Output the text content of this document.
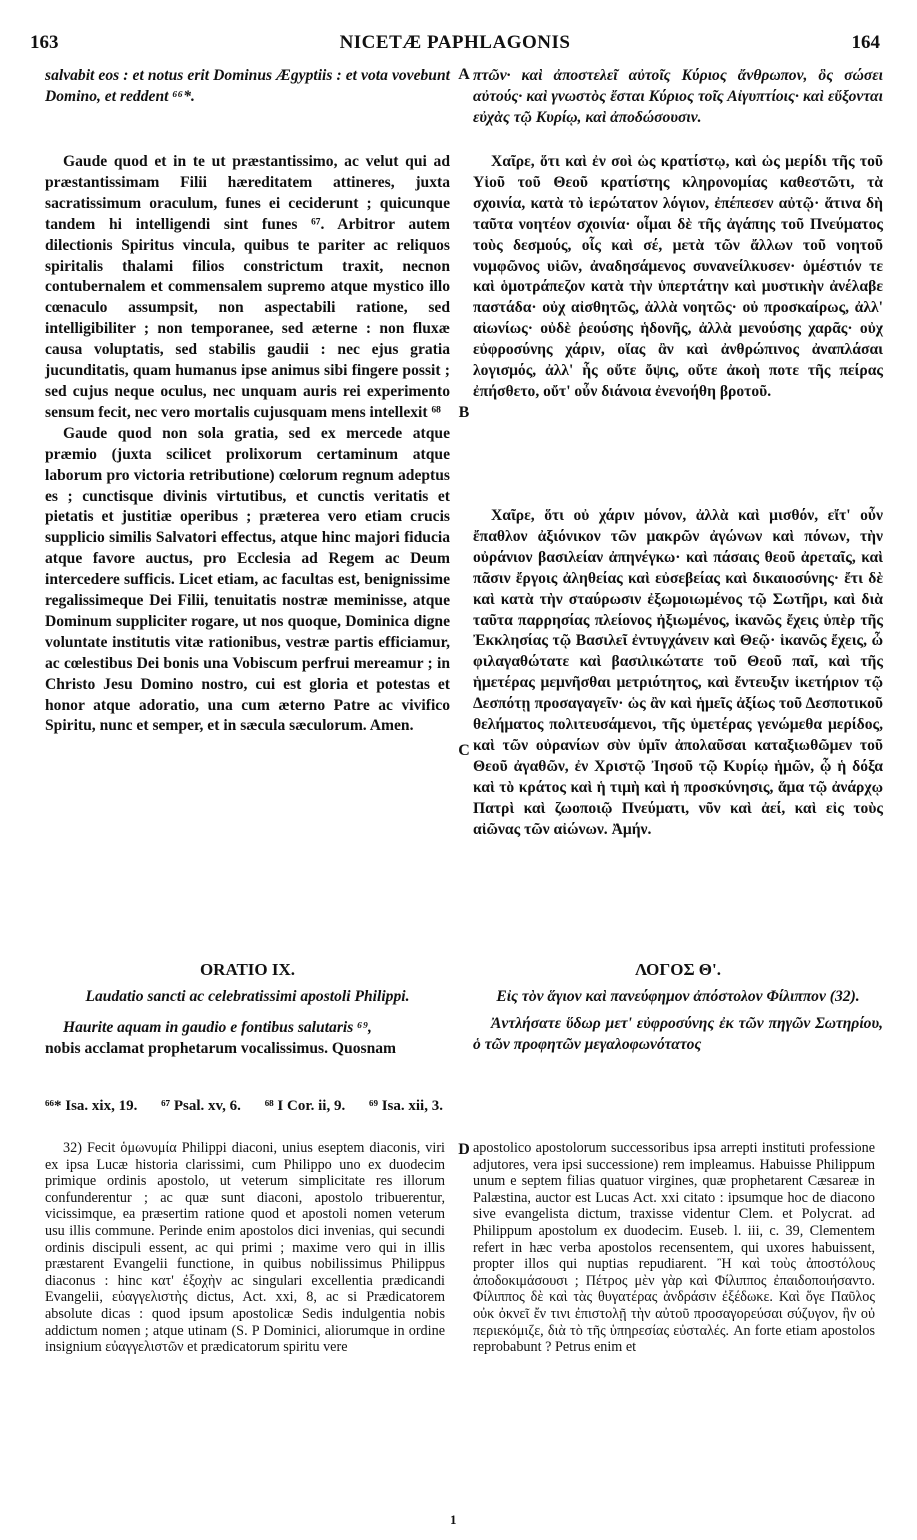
163	NICETÆ PAPHLAGONIS	164
A
B
C
D

salvabit eos : et notus erit Dominus Ægyptiis : et vota vovebunt Domino, et reddent ⁶⁶*.

Gaude quod et in te ut præstantissimo, ac velut qui ad præstantissimam Filii hæreditatem attineres, juxta sacratissimum oraculum, funes ei ceciderunt ; quicunque tandem hi intelligendi sint funes ⁶⁷. Arbitror autem dilectionis Spiritus vincula, quibus te pariter ac reliquos spiritalis thalami filios constrictum traxit, necnon contubernalem et commensalem supremo atque mystico illo cœnaculo assumpsit, non aspectabili ratione, sed intelligibiliter ; non temporanee, sed æterne : non fluxæ causa voluptatis, sed stabilis gaudii : nec ejus gratia jucunditatis, quam humanus ipse animus sibi fingere possit ; sed cujus neque oculus, nec unquam auris rei experimento sensum fecit, nec vero mortalis cujusquam mens intellexit ⁶⁸

Gaude quod non sola gratia, sed ex mercede atque præmio (juxta scilicet prolixorum certaminum atque laborum pro victoria retributione) cœlorum regnum adeptus es ; cunctisque divinis virtutibus, et cunctis veritatis et pietatis et justitiæ operibus ; præterea vero etiam crucis supplicio similis Salvatori effectus, atque hinc majori fiducia atque favore auctus, pro Ecclesia ad Regem ac Deum intercedere sufficis. Licet etiam, ac facultas est, benignissime regalissimeque Dei Filii, tenuitatis nostræ meminisse, atque Dominum suppliciter rogare, ut nos quoque, Dominica digne voluntate institutis vitæ rationibus, vestræ partis efficiamur, ac cœlestibus Dei bonis una Vobiscum perfrui mereamur ; in Christo Jesu Domino nostro, cui est gloria et potestas et honor atque adoratio, una cum æterno Patre ac vivifico Spiritu, nunc et semper, et in sæcula sæculorum. Amen.

ORATIO IX.

Laudatio sancti ac celebratissimi apostoli Philippi.

Haurite aquam in gaudio e fontibus salutaris ⁶⁹,

nobis acclamat prophetarum vocalissimus. Quosnam

πτῶν· καὶ ἀποστελεῖ αὐτοῖς Κύριος ἄνθρωπον, ὃς σώσει αὐτούς· καὶ γνωστὸς ἔσται Κύριος τοῖς Αἰγυπτίοις· καὶ εὔξονται εὐχὰς τῷ Κυρίῳ, καὶ ἀποδώσουσιν.

Χαῖρε, ὅτι καὶ ἐν σοὶ ὡς κρατίστῳ, καὶ ὡς μερίδι τῆς τοῦ Υἱοῦ τοῦ Θεοῦ κρατίστης κληρονομίας καθεστῶτι, τὰ σχοινία, κατὰ τὸ ἱερώτατον λόγιον, ἐπέπεσεν αὐτῷ· ἅτινα δὴ ταῦτα νοητέον σχοινία· οἶμαι δὲ τῆς ἀγάπης τοῦ Πνεύματος τοὺς δεσμούς, οἷς καὶ σέ, μετὰ τῶν ἄλλων τοῦ νοητοῦ νυμφῶνος υἱῶν, ἀναδησάμενος συνανείλκυσεν· ὁμέστιόν τε καὶ ὁμοτράπεζον κατὰ τὴν ὑπερτάτην καὶ μυστικὴν ἀνέλαβε παστάδα· οὐχ αἰσθητῶς, ἀλλὰ νοητῶς· οὐ προσκαίρως, ἀλλ' αἰωνίως· οὐδὲ ῥεούσης ἡδονῆς, ἀλλὰ μενούσης χαρᾶς· οὐχ εὐφροσύνης χάριν, οἵας ἂν καὶ ἀνθρώπινος ἀναπλάσαι λογισμός, ἀλλ' ἧς οὔτε ὄψις, οὔτε ἀκοὴ ποτε τῆς πείρας ἐπήσθετο, οὔτ' οὖν διάνοια ἐνενοήθη βροτοῦ.

Χαῖρε, ὅτι οὐ χάριν μόνον, ἀλλὰ καὶ μισθόν, εἴτ' οὖν ἔπαθλον ἀξιόνικον τῶν μακρῶν ἀγώνων καὶ πόνων, τὴν οὐράνιον βασιλείαν ἀπηνέγκω· καὶ πάσαις θεοῦ ἀρεταῖς, καὶ πᾶσιν ἔργοις ἀληθείας καὶ εὐσεβείας καὶ δικαιοσύνης· ἔτι δὲ καὶ κατὰ τὴν σταύρωσιν ἐξωμοιωμένος τῷ Σωτῆρι, καὶ διὰ ταῦτα παρρησίας πλείονος ἠξιωμένος, ἱκανῶς ἔχεις ὑπὲρ τῆς Ἐκκλησίας τῷ Βασιλεῖ ἐντυγχάνειν καὶ Θεῷ· ἱκανῶς ἔχεις, ὦ φιλαγαθώτατε καὶ βασιλικώτατε τοῦ Θεοῦ παῖ, καὶ τῆς ἡμετέρας μεμνῆσθαι μετριότητος, καὶ ἔντευξιν ἱκετήριον τῷ Δεσπότῃ προσαγαγεῖν· ὡς ἂν καὶ ἡμεῖς ἀξίως τοῦ Δεσποτικοῦ θελήματος πολιτευσάμενοι, τῆς ὑμετέρας γενώμεθα μερίδος, καὶ τῶν οὐρανίων σὺν ὑμῖν ἀπολαῦσαι καταξιωθῶμεν τοῦ Θεοῦ ἀγαθῶν, ἐν Χριστῷ Ἰησοῦ τῷ Κυρίῳ ἡμῶν, ᾧ ἡ δόξα καὶ τὸ κράτος καὶ ἡ τιμὴ καὶ ἡ προσκύνησις, ἅμα τῷ ἀνάρχῳ Πατρὶ καὶ ζωοποιῷ Πνεύματι, νῦν καὶ ἀεί, καὶ εἰς τοὺς αἰῶνας τῶν αἰώνων. Ἀμήν.

ΛΟΓΟΣ Θ'.

Εἰς τὸν ἅγιον καὶ πανεύφημον ἀπόστολον Φίλιππον (32).

Ἀντλήσατε ὕδωρ μετ' εὐφροσύνης ἐκ τῶν πηγῶν Σωτηρίου, ὁ τῶν προφητῶν μεγαλοφωνότατος

⁶⁶* Isa. xix, 19. ⁶⁷ Psal. xv, 6. ⁶⁸ I Cor. ii, 9. ⁶⁹ Isa. xii, 3.

32) Fecit ὁμωνυμία Philippi diaconi, unius eseptem diaconis, viri ex ipsa Lucæ historia clarissimi, cum Philippo uno ex duodecim primique ordinis apostolo, ut veterum simplicitate res illorum confunderentur ; ac quæ sunt diaconi, apostolo tribuerentur, vicissimque, ea præsertim ratione quod et apostoli nomen veterum usu illis commune. Perinde enim apostolos dici invenias, qui secundi ordinis discipuli essent, ac qui primi ; maxime vero qui in illis præstarent Evangelii functione, in quibus nobilissimus Philippus diaconus : hinc κατ' ἐξοχὴν ac singulari excellentia prædicandi Evangelii, εὐαγγελιστὴς dictus, Act. xxi, 8, ac si Prædicatorem absolute dicas : quod ipsum apostolicæ Sedis indulgentia nobis addictum nomen ; atque utinam (S. P Dominici, aliorumque in ordine insignium εὐαγγελιστῶν et prædicatorum spiritu vere

apostolico apostolorum successoribus ipsa arrepti instituti professione adjutores, vera ipsi successione) rem impleamus. Habuisse Philippum unum e septem filias quatuor virgines, quæ prophetarent Cæsareæ in Palæstina, auctor est Lucas Act. xxi citato : ipsumque hoc de diacono sive evangelista dictum, traxisse videntur Clem. et Polycrat. ad Philippum apostolum ex duodecim. Euseb. l. iii, c. 39, Clementem refert in hæc verba apostolos recensentem, qui uxores habuissent, propter illos qui nuptias repudiarent. Ἢ καὶ τοὺς ἀποστόλους ἀποδοκιμάσουσι ; Πέτρος μὲν γὰρ καὶ Φίλιππος ἐπαιδοποιήσαντο. Φίλιππος δὲ καὶ τὰς θυγατέρας ἀνδράσιν ἐξέδωκε. Καὶ ὅγε Παῦλος οὐκ ὀκνεῖ ἔν τινι ἐπιστολῇ τὴν αὐτοῦ προσαγορεύσαι σύζυγον, ἣν οὐ περιεκόμιζε, διὰ τὸ τῆς ὑπηρεσίας εὐσταλές. An forte etiam apostolos reprobabunt ? Petrus enim et

1
